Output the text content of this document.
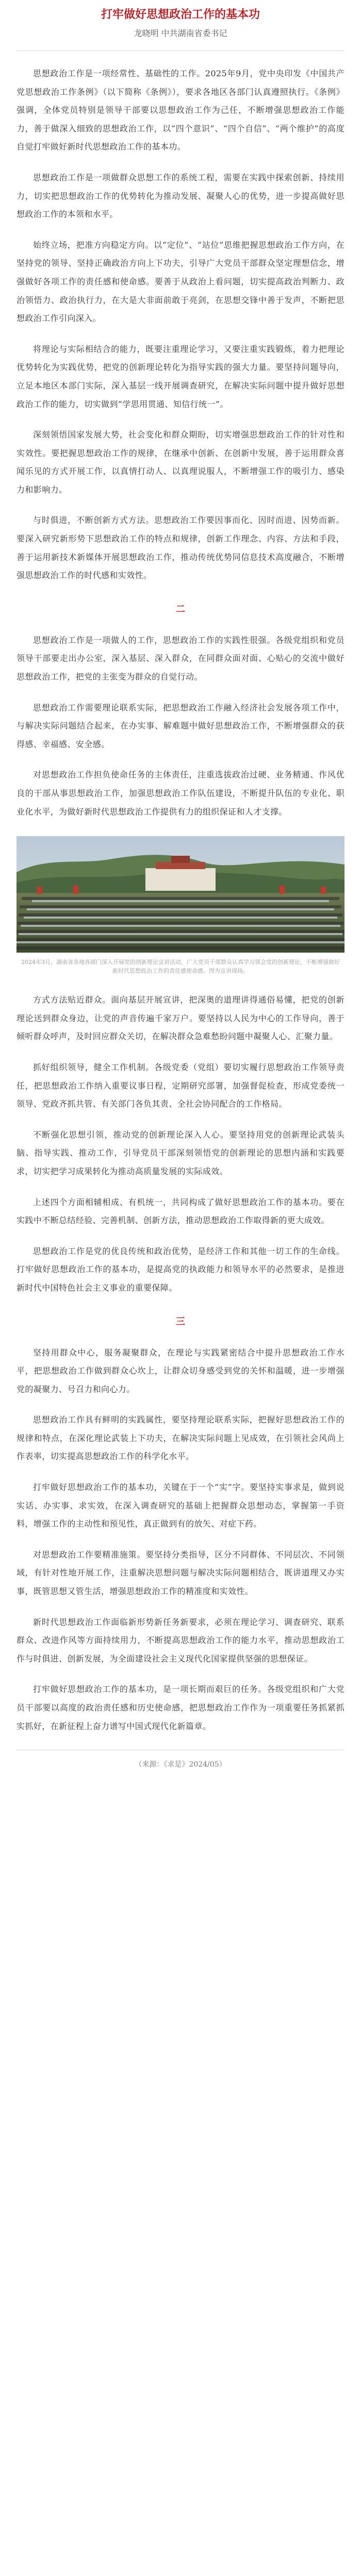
打牢做好思想政治工作的基本功
龙晓明 中共湖南省委书记

思想政治工作是一项经常性、基础性的工作。2025年9月，党中央印发《中国共产党思想政治工作条例》（以下简称《条例》），要求各地区各部门认真遵照执行。《条例》强调，全体党员特别是领导干部要以思想政治工作为己任，不断增强思想政治工作能力，善于做深入细致的思想政治工作，以“四个意识”、“四个自信”、“两个维护”的高度自觉打牢做好新时代思想政治工作的基本功。

思想政治工作是一项做群众思想工作的系统工程，需要在实践中探索创新、持续用力，切实把思想政治工作的优势转化为推动发展、凝聚人心的优势，进一步提高做好思想政治工作的本领和水平。

始终立场，把准方向稳定方向。以“定位”、“站位”思维把握思想政治工作方向，在坚持党的领导、坚持正确政治方向上下功夫，引导广大党员干部群众坚定理想信念，增强做好各项工作的责任感和使命感。要善于从政治上看问题，切实提高政治判断力、政治领悟力、政治执行力，在大是大非面前敢于亮剑，在思想交锋中善于发声，不断把思想政治工作引向深入。

将理论与实际相结合的能力，既要注重理论学习，又要注重实践锻炼，着力把理论优势转化为实践优势，把党的创新理论转化为指导实践的强大力量。要坚持问题导向，立足本地区本部门实际，深入基层一线开展调查研究，在解决实际问题中提升做好思想政治工作的能力，切实做到“学思用贯通、知信行统一”。

深刻领悟国家发展大势，社会变化和群众期盼，切实增强思想政治工作的针对性和实效性。要把握思想政治工作的规律，在继承中创新、在创新中发展，善于运用群众喜闻乐见的方式开展工作，以真情打动人、以真理说服人，不断增强工作的吸引力、感染力和影响力。

与时俱进，不断创新方式方法。思想政治工作要因事而化、因时而进、因势而新。要深入研究新形势下思想政治工作的特点和规律，创新工作理念、内容、方法和手段，善于运用新技术新媒体开展思想政治工作，推动传统优势同信息技术高度融合，不断增强思想政治工作的时代感和实效性。

二

思想政治工作是一项做人的工作，思想政治工作的实践性很强。各级党组织和党员领导干部要走出办公室，深入基层、深入群众，在同群众面对面、心贴心的交流中做好思想政治工作，把党的主张变为群众的自觉行动。

思想政治工作需要理论联系实际，把思想政治工作融入经济社会发展各项工作中，与解决实际问题结合起来，在办实事、解难题中做好思想政治工作，不断增强群众的获得感、幸福感、安全感。

对思想政治工作担负使命任务的主体责任，注重选拔政治过硬、业务精通、作风优良的干部从事思想政治工作，加强思想政治工作队伍建设，不断提升队伍的专业化、职业化水平，为做好新时代思想政治工作提供有力的组织保证和人才支撑。

2024年3月，湖南省各地各部门深入开展党的创新理论宣讲活动，广大党员干部群众认真学习领会党的创新理论，不断增强做好新时代思想政治工作的责任感使命感。图为宣讲现场。

方式方法贴近群众。面向基层开展宣讲，把深奥的道理讲得通俗易懂，把党的创新理论送到群众身边，让党的声音传遍千家万户。要坚持以人民为中心的工作导向，善于倾听群众呼声，及时回应群众关切，在解决群众急难愁盼问题中凝聚人心、汇聚力量。

抓好组织领导，健全工作机制。各级党委（党组）要切实履行思想政治工作领导责任，把思想政治工作纳入重要议事日程，定期研究部署，加强督促检查，形成党委统一领导、党政齐抓共管、有关部门各负其责、全社会协同配合的工作格局。

不断强化思想引领，推动党的创新理论深入人心。要坚持用党的创新理论武装头脑、指导实践、推动工作，引导党员干部深刻领悟党的创新理论的思想内涵和实践要求，切实把学习成果转化为推动高质量发展的实际成效。

上述四个方面相辅相成、有机统一，共同构成了做好思想政治工作的基本功。要在实践中不断总结经验、完善机制、创新方法，推动思想政治工作取得新的更大成效。

思想政治工作是党的优良传统和政治优势，是经济工作和其他一切工作的生命线。打牢做好思想政治工作的基本功，是提高党的执政能力和领导水平的必然要求，是推进新时代中国特色社会主义事业的重要保障。

三

坚持用群众中心，服务凝聚群众，在理论与实践紧密结合中提升思想政治工作水平，把思想政治工作做到群众心坎上，让群众切身感受到党的关怀和温暖，进一步增强党的凝聚力、号召力和向心力。

思想政治工作具有鲜明的实践属性，要坚持理论联系实际，把握好思想政治工作的规律和特点，在深化理论武装上下功夫，在解决实际问题上见成效，在引领社会风尚上作表率，切实提高思想政治工作的科学化水平。

打牢做好思想政治工作的基本功，关键在于一个“实”字。要坚持实事求是，做到说实话、办实事、求实效，在深入调查研究的基础上把握群众思想动态，掌握第一手资料，增强工作的主动性和预见性，真正做到有的放矢、对症下药。

对思想政治工作要精准施策。要坚持分类指导，区分不同群体、不同层次、不同领域，有针对性地开展工作，注重解决思想问题与解决实际问题相结合，既讲道理又办实事，既管思想又管生活，增强思想政治工作的精准度和实效性。

新时代思想政治工作面临新形势新任务新要求，必须在理论学习、调查研究、联系群众、改进作风等方面持续用力，不断提高思想政治工作的能力水平，推动思想政治工作与时俱进、创新发展，为全面建设社会主义现代化国家提供坚强的思想保证。

打牢做好思想政治工作的基本功，是一项长期而艰巨的任务。各级党组织和广大党员干部要以高度的政治责任感和历史使命感，把思想政治工作作为一项重要任务抓紧抓实抓好，在新征程上奋力谱写中国式现代化新篇章。

（来源：《求是》2024/05）
